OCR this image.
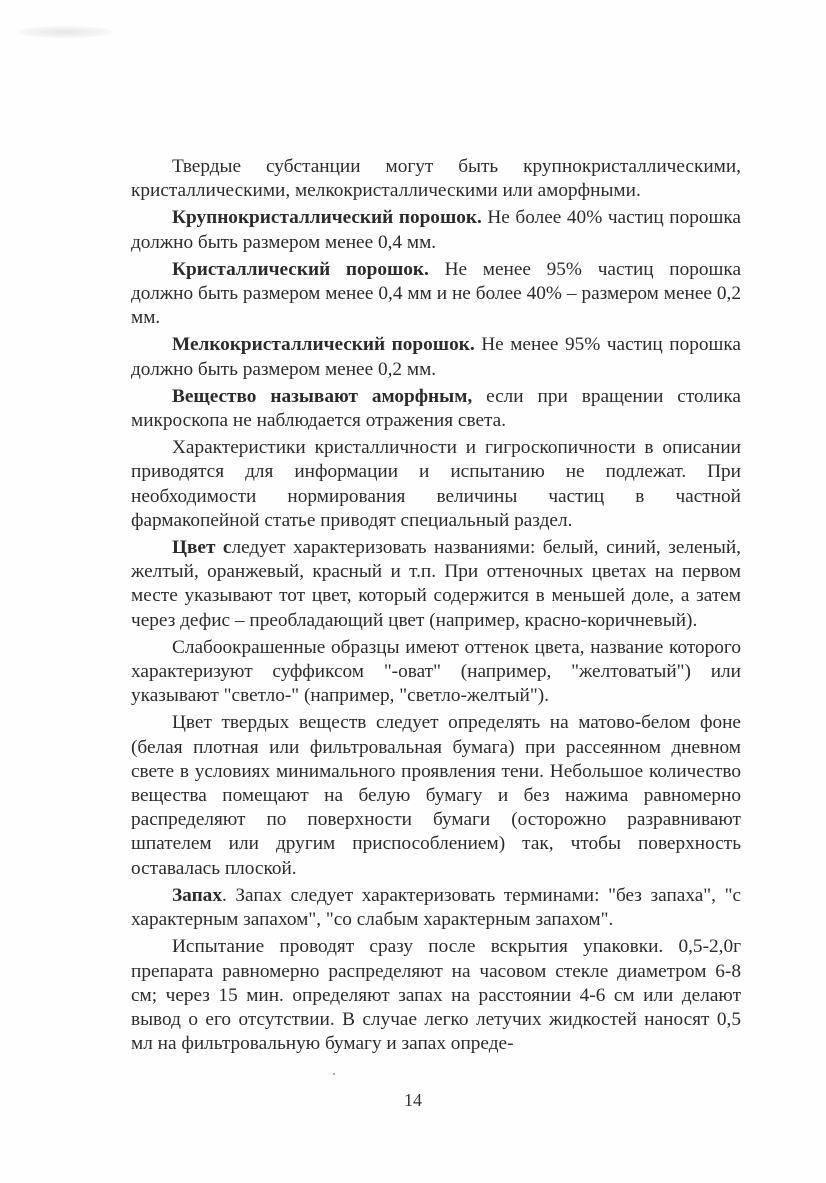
Твердые субстанции могут быть крупнокристаллическими, кристаллическими, мелкокристаллическими или аморфными.

Крупнокристаллический порошок. Не более 40% частиц порошка должно быть размером менее 0,4 мм.

Кристаллический порошок. Не менее 95% частиц порошка должно быть размером менее 0,4 мм и не более 40% – размером менее 0,2 мм.

Мелкокристаллический порошок. Не менее 95% частиц порошка должно быть размером менее 0,2 мм.

Вещество называют аморфным, если при вращении столика микроскопа не наблюдается отражения света.

Характеристики кристалличности и гигроскопичности в описании приводятся для информации и испытанию не подлежат. При необходимости нормирования величины частиц в частной фармакопейной статье приводят специальный раздел.

Цвет следует характеризовать названиями: белый, синий, зеленый, желтый, оранжевый, красный и т.п. При оттеночных цветах на первом месте указывают тот цвет, который содержится в меньшей доле, а затем через дефис – преобладающий цвет (например, красно-коричневый).

Слабоокрашенные образцы имеют оттенок цвета, название которого характеризуют суффиксом "-оват" (например, "желтоватый") или указывают "светло-" (например, "светло-желтый").

Цвет твердых веществ следует определять на матово-белом фоне (белая плотная или фильтровальная бумага) при рассеянном дневном свете в условиях минимального проявления тени. Небольшое количество вещества помещают на белую бумагу и без нажима равномерно распределяют по поверхности бумаги (осторожно разравнивают шпателем или другим приспособлением) так, чтобы поверхность оставалась плоской.

Запах. Запах следует характеризовать терминами: "без запаха", "с характерным запахом", "со слабым характерным запахом".

Испытание проводят сразу после вскрытия упаковки. 0,5-2,0г препарата равномерно распределяют на часовом стекле диаметром 6-8 см; через 15 мин. определяют запах на расстоянии 4-6 см или делают вывод о его отсутствии. В случае легко летучих жидкостей наносят 0,5 мл на фильтровальную бумагу и запах опреде-

14
